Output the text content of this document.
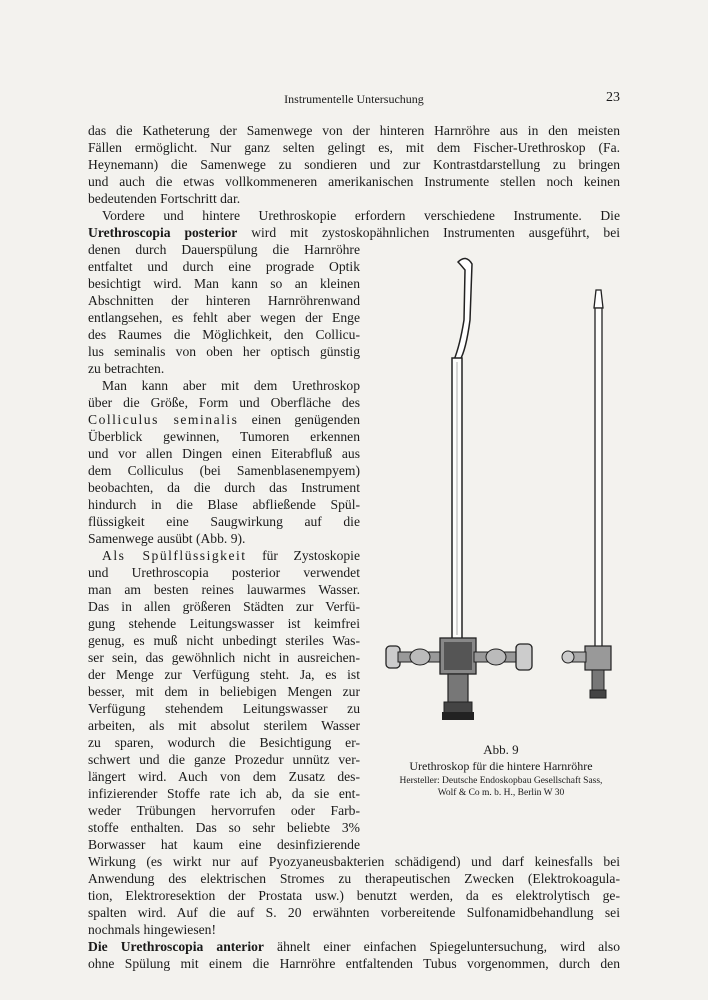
Instrumentelle Untersuchung	23
das die Katheterung der Samenwege von der hinteren Harnröhre aus in den meisten
Fällen ermöglicht. Nur ganz selten gelingt es, mit dem Fischer-Urethroskop (Fa.
Heynemann) die Samenwege zu sondieren und zur Kontrastdarstellung zu bringen
und auch die etwas vollkommeneren amerikanischen Instrumente stellen noch keinen
bedeutenden Fortschritt dar.
Vordere und hintere Urethroskopie erfordern verschiedene Instrumente. Die
Urethroscopia posterior wird mit zystoskopähnlichen Instrumenten ausgeführt, bei
denen durch Dauerspülung die Harnröhre
entfaltet und durch eine prograde Optik
besichtigt wird. Man kann so an kleinen
Abschnitten der hinteren Harnröhrenwand
entlangsehen, es fehlt aber wegen der Enge
des Raumes die Möglichkeit, den Collicu-
lus seminalis von oben her optisch günstig
zu betrachten.
Man kann aber mit dem Urethroskop
über die Größe, Form und Oberfläche des
Colliculus seminalis einen genügenden
Überblick gewinnen, Tumoren erkennen
und vor allen Dingen einen Eiterabfluß aus
dem Colliculus (bei Samenblasenempyem)
beobachten, da die durch das Instrument
hindurch in die Blase abfließende Spül-
flüssigkeit eine Saugwirkung auf die
Samenwege ausübt (Abb. 9).
Als Spülflüssigkeit für Zystoskopie
und Urethroscopia posterior verwendet
man am besten reines lauwarmes Wasser.
Das in allen größeren Städten zur Verfü-
gung stehende Leitungswasser ist keimfrei
genug, es muß nicht unbedingt steriles Was-
ser sein, das gewöhnlich nicht in ausreichen-
der Menge zur Verfügung steht. Ja, es ist
besser, mit dem in beliebigen Mengen zur
Verfügung stehendem Leitungswasser zu
arbeiten, als mit absolut sterilem Wasser
zu sparen, wodurch die Besichtigung er-
schwert und die ganze Prozedur unnütz ver-
längert wird. Auch von dem Zusatz des-
infizierender Stoffe rate ich ab, da sie ent-
weder Trübungen hervorrufen oder Farb-
stoffe enthalten. Das so sehr beliebte 3%
Borwasser hat kaum eine desinfizierende
Wirkung (es wirkt nur auf Pyozyaneusbakterien schädigend) und darf keinesfalls bei
Anwendung des elektrischen Stromes zu therapeutischen Zwecken (Elektrokoagula-
tion, Elektroresektion der Prostata usw.) benutzt werden, da es elektrolytisch ge-
spalten wird. Auf die auf S. 20 erwähnten vorbereitende Sulfonamidbehandlung sei
nochmals hingewiesen!
Die Urethroscopia anterior ähnelt einer einfachen Spiegeluntersuchung, wird also
ohne Spülung mit einem die Harnröhre entfaltenden Tubus vorgenommen, durch den
Abb. 9
Urethroskop für die hintere Harnröhre
Hersteller: Deutsche Endoskopbau Gesellschaft Sass,
Wolf & Co m. b. H., Berlin W 30
